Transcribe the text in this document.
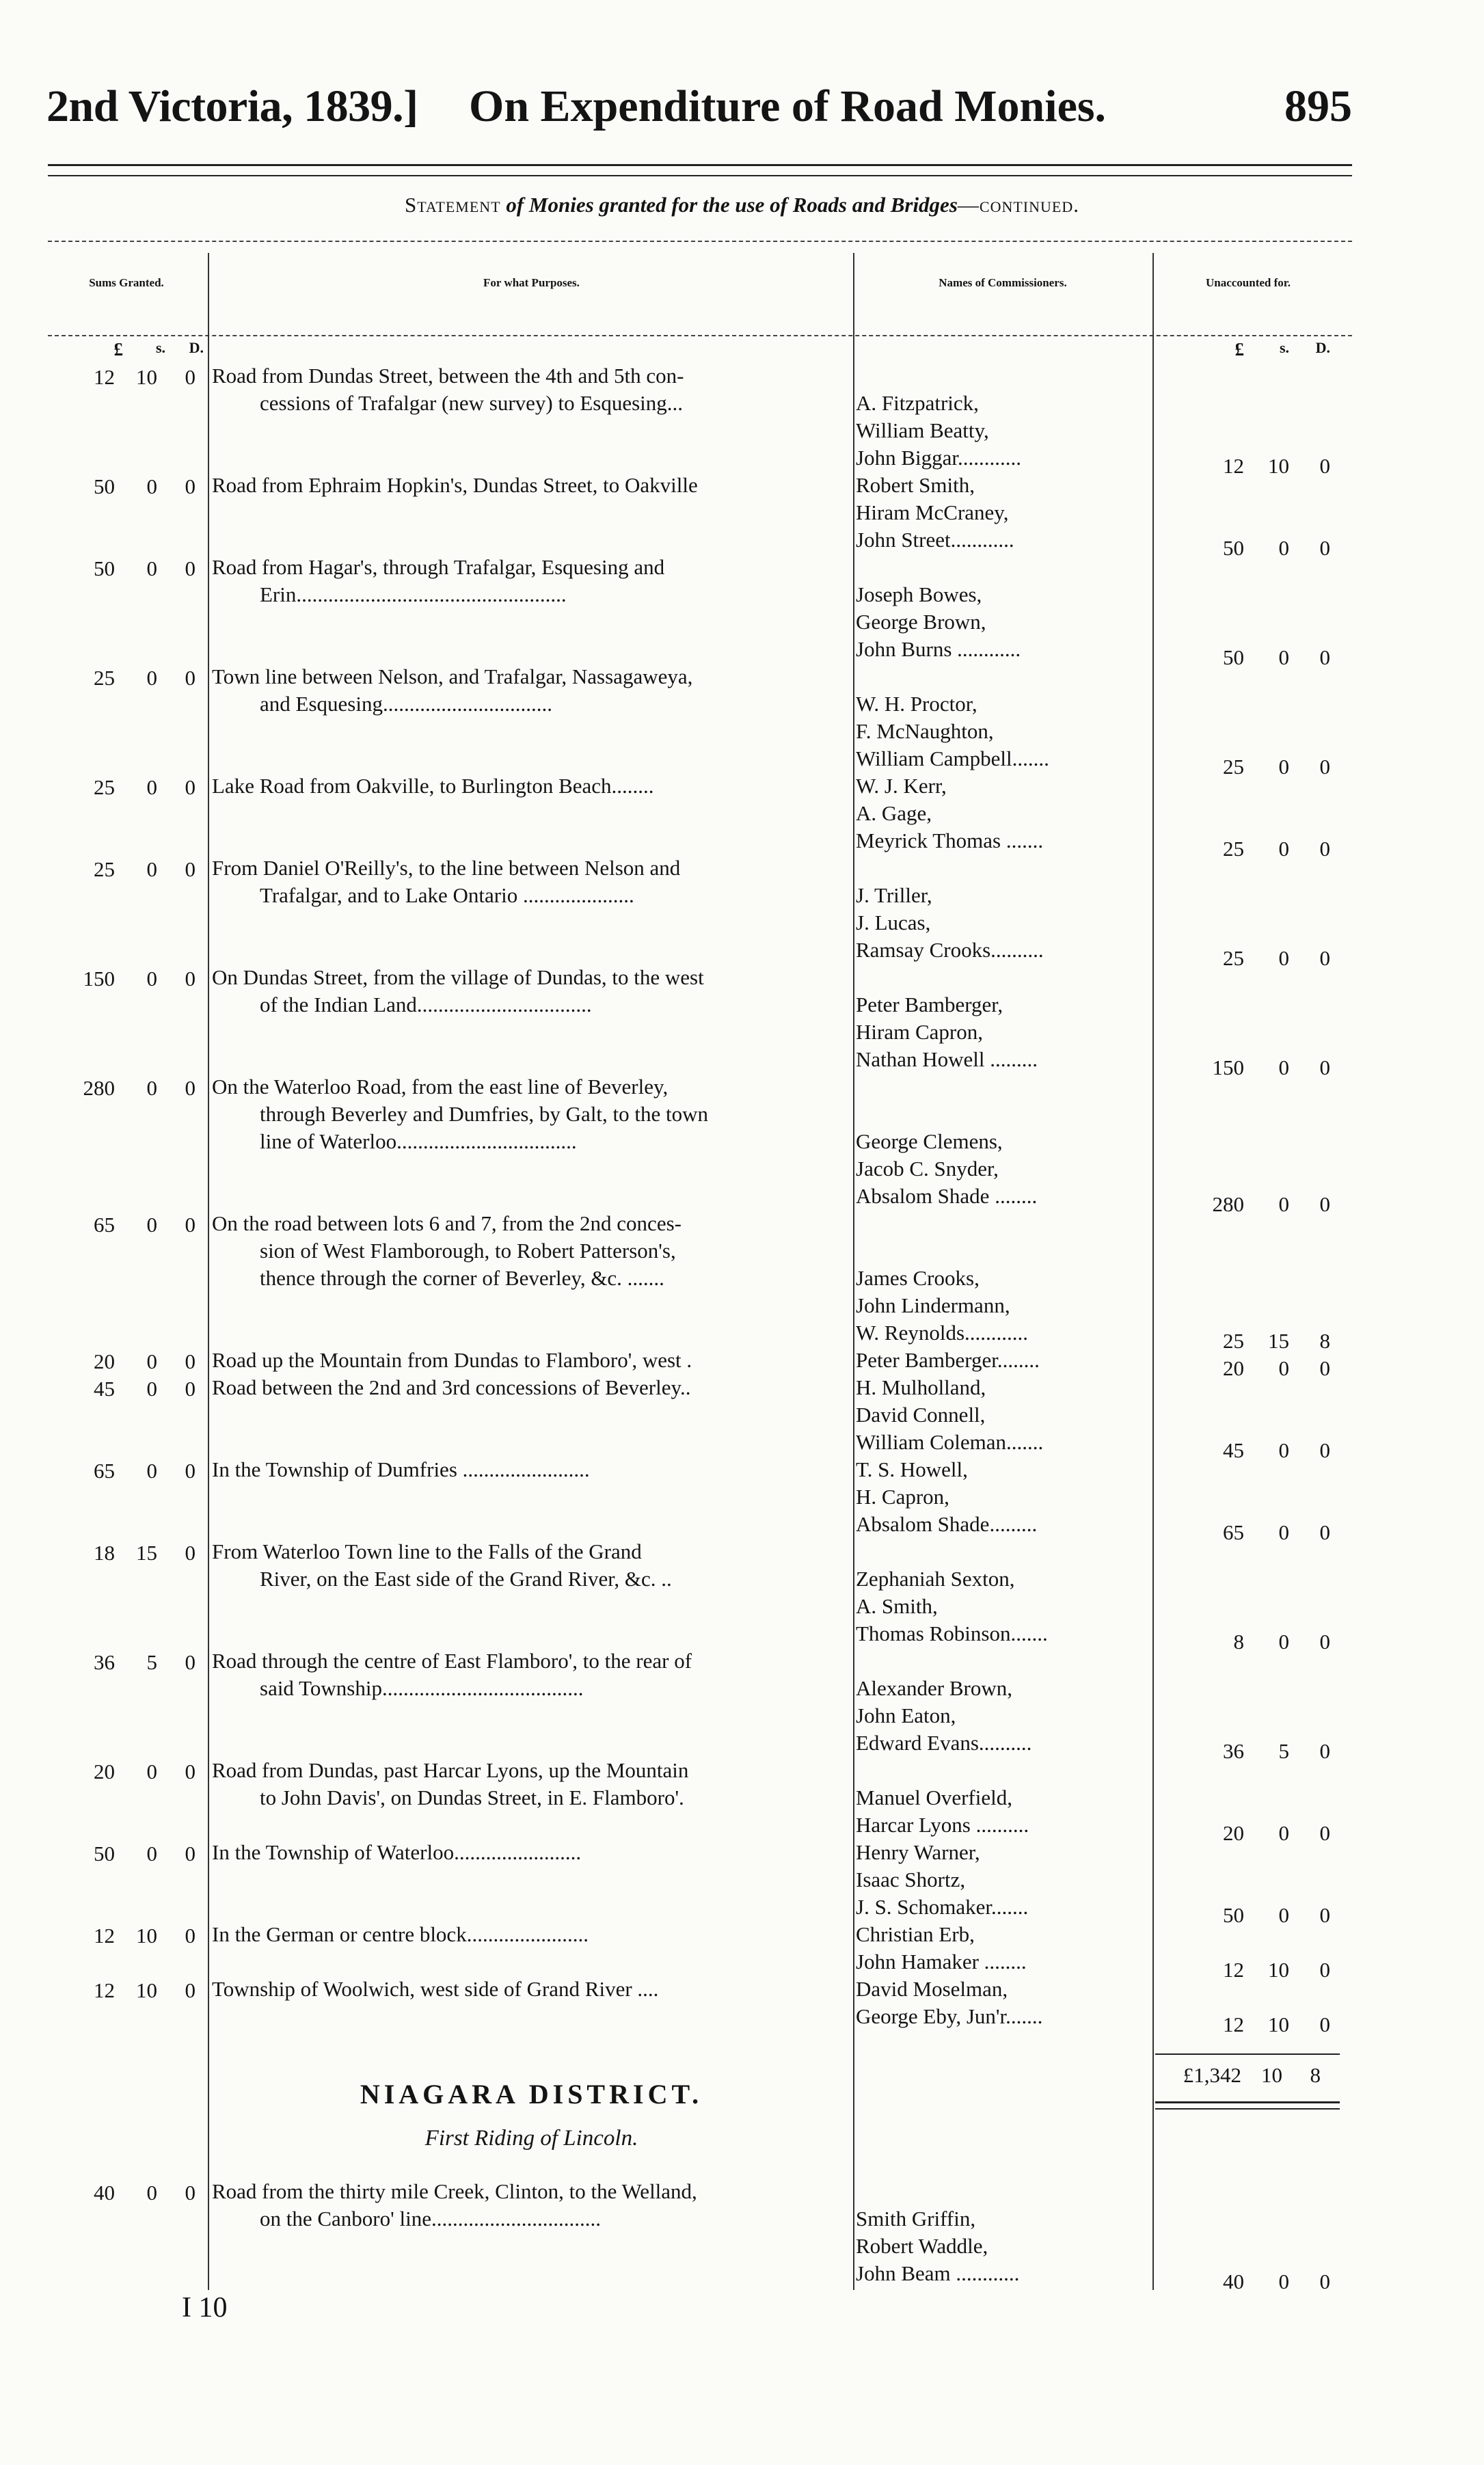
2nd Victoria, 1839.] On Expenditure of Road Monies.	895
Statement of Monies granted for the use of Roads and Bridges—continued.
Sums Granted.	For what Purposes.	Names of Commissioners.	Unaccounted for.
£	s.	D.	£	s.	D.
12	10	0 Road from Dundas Street, between the 4th and 5th con-
cessions of Trafalgar (new survey) to Esquesing...	A. Fitzpatrick,
William Beatty,
John Biggar............	12	10	0
50	0	0 Road from Ephraim Hopkin's, Dundas Street, to Oakville	Robert Smith,
Hiram McCraney,
John Street............	50	0	0
50	0	0 Road from Hagar's, through Trafalgar, Esquesing and
Erin...................................................	Joseph Bowes,
George Brown,
John Burns ............	50	0	0
25	0	0 Town line between Nelson, and Trafalgar, Nassagaweya,
and Esquesing................................	W. H. Proctor,
F. McNaughton,
William Campbell.......	25	0	0
25	0	0 Lake Road from Oakville, to Burlington Beach........	W. J. Kerr,
A. Gage,
Meyrick Thomas .......	25	0	0
25	0	0 From Daniel O'Reilly's, to the line between Nelson and
Trafalgar, and to Lake Ontario .....................	J. Triller,
J. Lucas,
Ramsay Crooks..........	25	0	0
150	0	0 On Dundas Street, from the village of Dundas, to the west
of the Indian Land.................................	Peter Bamberger,
Hiram Capron,
Nathan Howell .........	150	0	0
280	0	0 On the Waterloo Road, from the east line of Beverley,
through Beverley and Dumfries, by Galt, to the town
line of Waterloo..................................	George Clemens,
Jacob C. Snyder,
Absalom Shade ........	280	0	0
65	0	0 On the road between lots 6 and 7, from the 2nd conces-
sion of West Flamborough, to Robert Patterson's,
thence through the corner of Beverley, &c. .......	James Crooks,
John Lindermann,
W. Reynolds............	25	15	8
20	0	0 Road up the Mountain from Dundas to Flamboro', west .	Peter Bamberger........	20	0	0
45	0	0 Road between the 2nd and 3rd concessions of Beverley..	H. Mulholland,
David Connell,
William Coleman.......	45	0	0
65	0	0 In the Township of Dumfries ........................	T. S. Howell,
H. Capron,
Absalom Shade.........	65	0	0
18	15	0 From Waterloo Town line to the Falls of the Grand
River, on the East side of the Grand River, &c. ..	Zephaniah Sexton,
A. Smith,
Thomas Robinson.......	8	0	0
36	5	0 Road through the centre of East Flamboro', to the rear of
said Township......................................	Alexander Brown,
John Eaton,
Edward Evans..........	36	5	0
20	0	0 Road from Dundas, past Harcar Lyons, up the Mountain
to John Davis', on Dundas Street, in E. Flamboro'.	Manuel Overfield,
Harcar Lyons ..........	20	0	0
50	0	0 In the Township of Waterloo........................	Henry Warner,
Isaac Shortz,
J. S. Schomaker.......	50	0	0
12	10	0 In the German or centre block.......................	Christian Erb,
John Hamaker ........	12	10	0
12	10	0 Township of Woolwich, west side of Grand River ....	David Moselman,
George Eby, Jun'r.......	12	10	0
£1,342 10	8
NIAGARA DISTRICT.
First Riding of Lincoln.
40	0	0 Road from the thirty mile Creek, Clinton, to the Welland,
on the Canboro' line................................	Smith Griffin,
Robert Waddle,
John Beam ............	40	0	0
I 10
